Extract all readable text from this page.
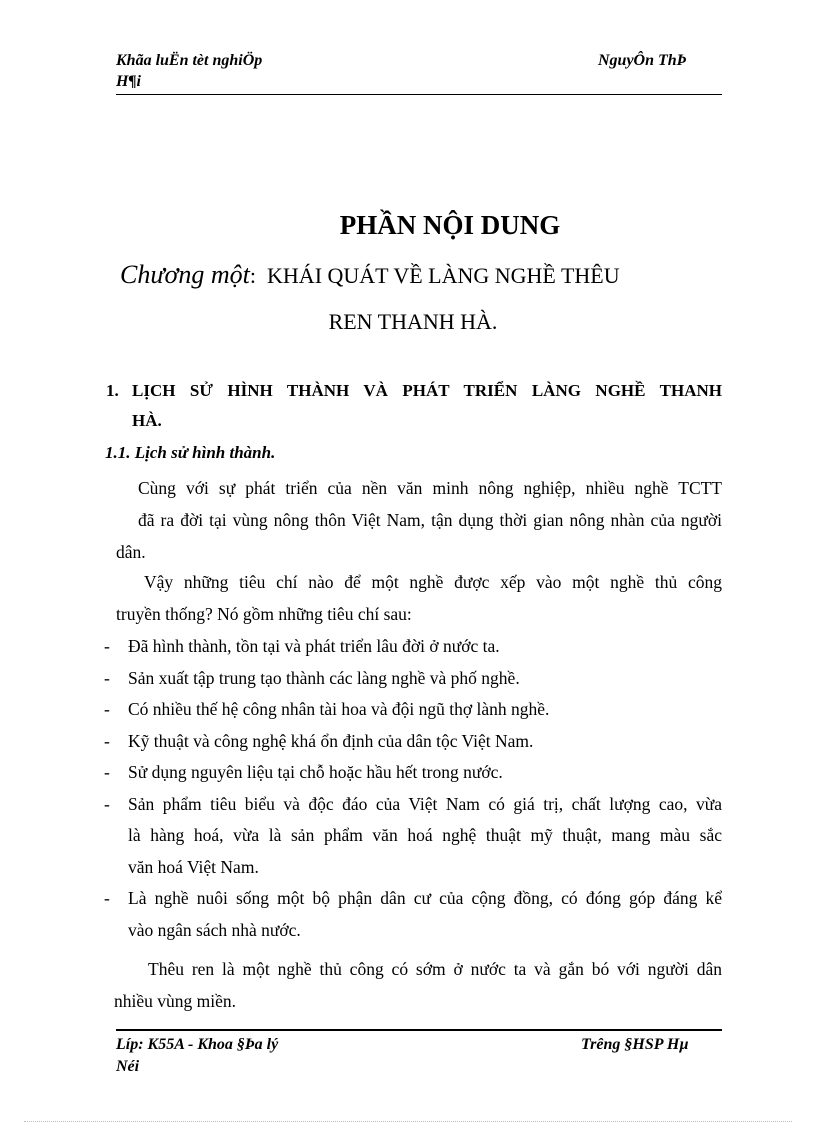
Khãa luËn tèt nghiÖp
H¶i
NguyÔn ThÞ
PHẦN NỘI DUNG
Chương một: KHÁI QUÁT VỀ LÀNG NGHỀ THÊU
REN THANH HÀ.
1. LỊCH SỬ HÌNH THÀNH VÀ PHÁT TRIỂN LÀNG NGHỀ THANH
HÀ.
1.1. Lịch sử hình thành.
Cùng với sự phát triển của nền văn minh nông nghiệp, nhiều nghề TCTT
đã ra đời tại vùng nông thôn Việt Nam, tận dụng thời gian nông nhàn của người
dân.
Vậy những tiêu chí nào để một nghề được xếp vào một nghề thủ công
truyền thống? Nó gồm những tiêu chí sau:
- Đã hình thành, tồn tại và phát triển lâu đời ở nước ta.
- Sản xuất tập trung tạo thành các làng nghề và phố nghề.
- Có nhiều thế hệ công nhân tài hoa và đội ngũ thợ lành nghề.
- Kỹ thuật và công nghệ khá ổn định của dân tộc Việt Nam.
- Sử dụng nguyên liệu tại chỗ hoặc hầu hết trong nước.
- Sản phẩm tiêu biểu và độc đáo của Việt Nam có giá trị, chất lượng cao, vừa
là hàng hoá, vừa là sản phẩm văn hoá nghệ thuật mỹ thuật, mang màu sắc
văn hoá Việt Nam.
- Là nghề nuôi sống một bộ phận dân cư của cộng đồng, có đóng góp đáng kể
vào ngân sách nhà nước.
Thêu ren là một nghề thủ công có sớm ở nước ta và gắn bó với người dân
nhiều vùng miền.
Líp: K55A - Khoa §Þa lý
Néi
Trêng §HSP Hµ
